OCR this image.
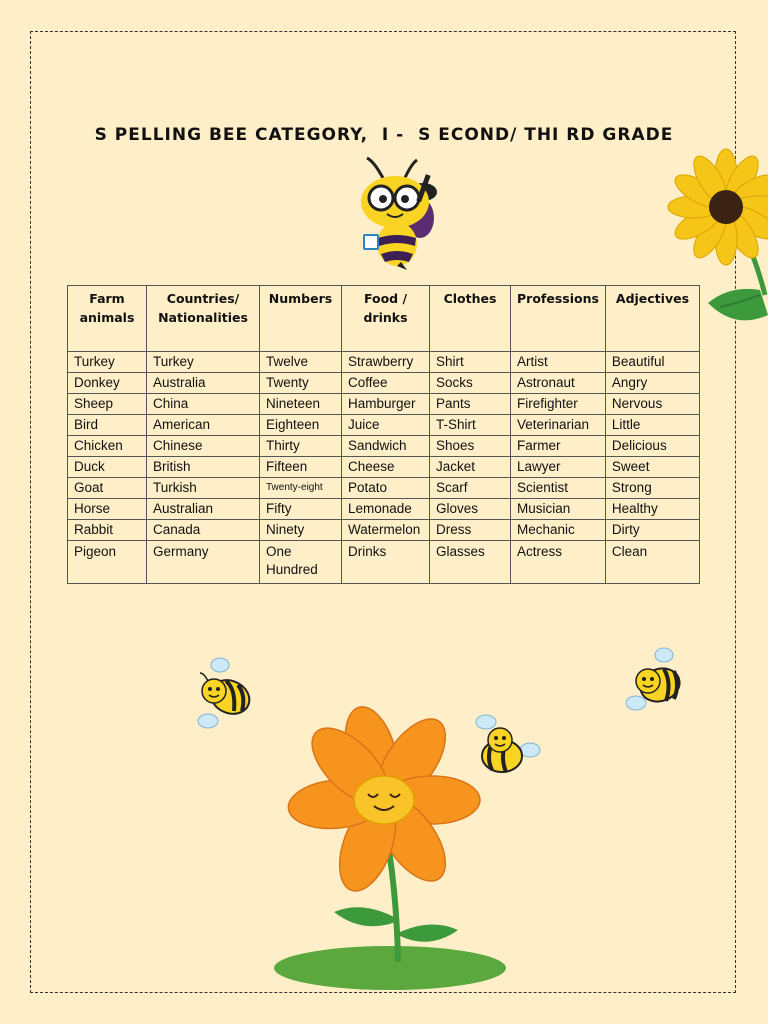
S PELLING BEE CATEGORY,  I -  S ECOND/ THI RD GRADE
Farm animals	Countries/ Nationalities	Numbers	Food / drinks	Clothes	Professions	Adjectives
Turkey	Turkey	Twelve	Strawberry	Shirt	Artist	Beautiful
Donkey	Australia	Twenty	Coffee	Socks	Astronaut	Angry
Sheep	China	Nineteen	Hamburger	Pants	Firefighter	Nervous
Bird	American	Eighteen	Juice	T-Shirt	Veterinarian	Little
Chicken	Chinese	Thirty	Sandwich	Shoes	Farmer	Delicious
Duck	British	Fifteen	Cheese	Jacket	Lawyer	Sweet
Goat	Turkish	Twenty-eight	Potato	Scarf	Scientist	Strong
Horse	Australian	Fifty	Lemonade	Gloves	Musician	Healthy
Rabbit	Canada	Ninety	Watermelon	Dress	Mechanic	Dirty
Pigeon	Germany	One Hundred	Drinks	Glasses	Actress	Clean
